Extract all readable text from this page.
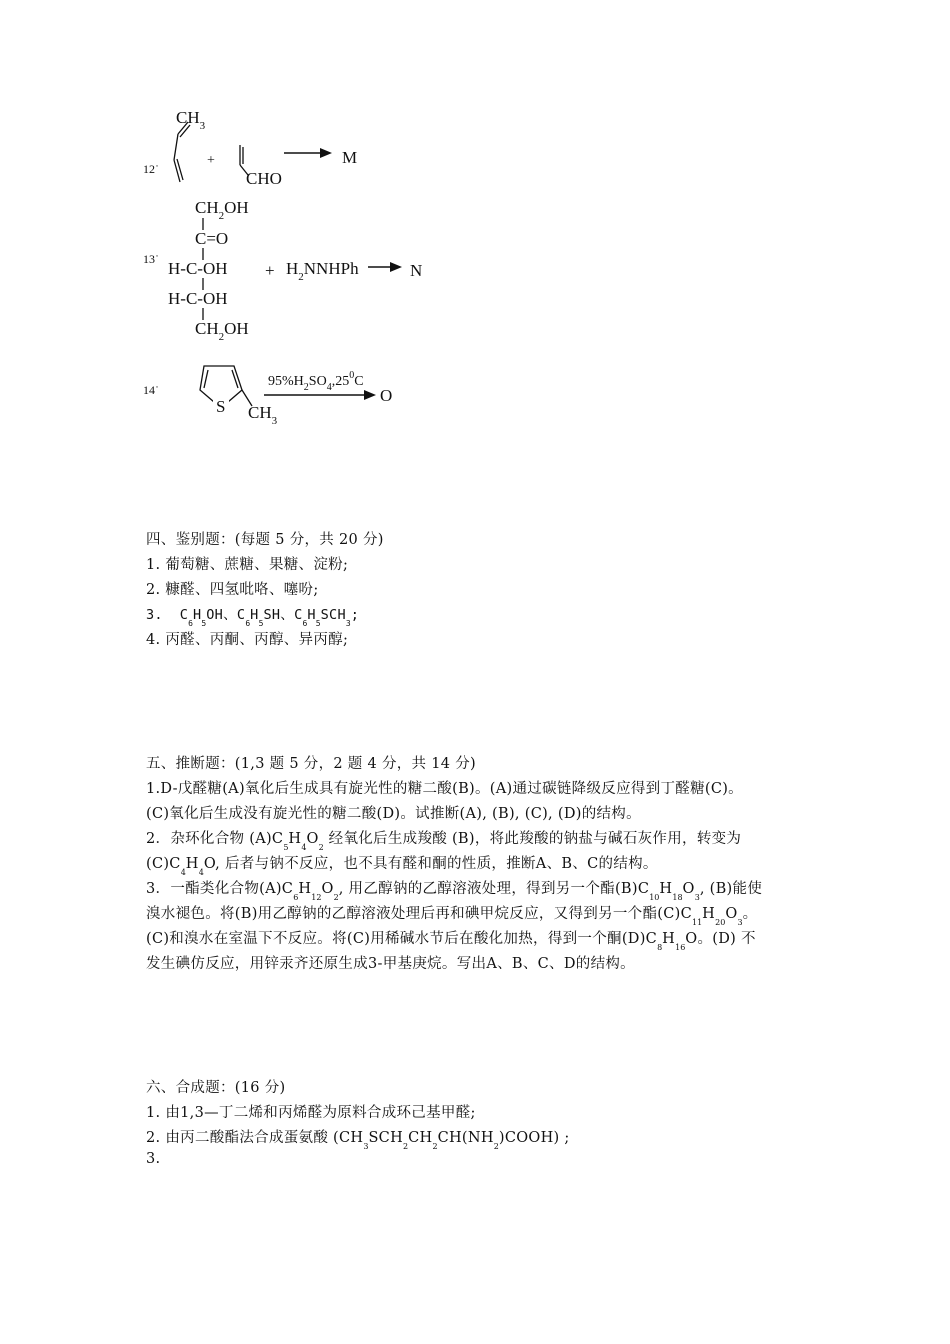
12˙
$CH_3$
+
CHO
→ M
13˙
$CH_2OH$
C=O
H-C-OH
H-C-OH
$CH_2OH$
+ $H_2NNHPh \to N$
14˙
S $CH_3$
$95\%H_2SO_4,25^0C$
O
四、鉴别题：(每题 5 分，共 20 分)
1. 葡萄糖、蔗糖、果糖、淀粉;
2. 糠醛、四氢吡咯、噻吩;
3. $C_6H_5OH$、$C_6H_5SH$、$C_6H_5SCH_3$;
4. 丙醛、丙酮、丙醇、异丙醇;
五、推断题：(1,3 题 5 分，2 题 4 分，共 14 分)
1.D-戊醛糖(A)氧化后生成具有旋光性的糖二酸(B)。(A)通过碳链降级反应得到丁醛糖(C)。
(C)氧化后生成没有旋光性的糖二酸(D)。试推断(A), (B), (C), (D)的结构。
2．杂环化合物 $(A)C_5H_4O_2$ 经氧化后生成羧酸 (B)，将此羧酸的钠盐与碱石灰作用，转变为
$(C)C_4H_4O$, 后者与钠不反应，也不具有醛和酮的性质，推断A、B、C的结构。
3．一酯类化合物$(A)C_6H_{12}O_2$, 用乙醇钠的乙醇溶液处理，得到另一个酯$(B)C_{10}H_{18}O_3$, (B)能使
溴水褪色。将(B)用乙醇钠的乙醇溶液处理后再和碘甲烷反应，又得到另一个酯$(C)C_{11}H_{20}O_3$。
(C)和溴水在室温下不反应。将(C)用稀碱水节后在酸化加热，得到一个酮$(D)C_8H_{16}O$。(D) 不
发生碘仿反应，用锌汞齐还原生成3-甲基庚烷。写出A、B、C、D的结构。
六、合成题：(16 分)
1. 由1,3—丁二烯和丙烯醛为原料合成环己基甲醛;
2. 由丙二酸酯法合成蛋氨酸 $(CH_3SCH_2CH_2CH(NH_2)COOH)$ ;
3.
